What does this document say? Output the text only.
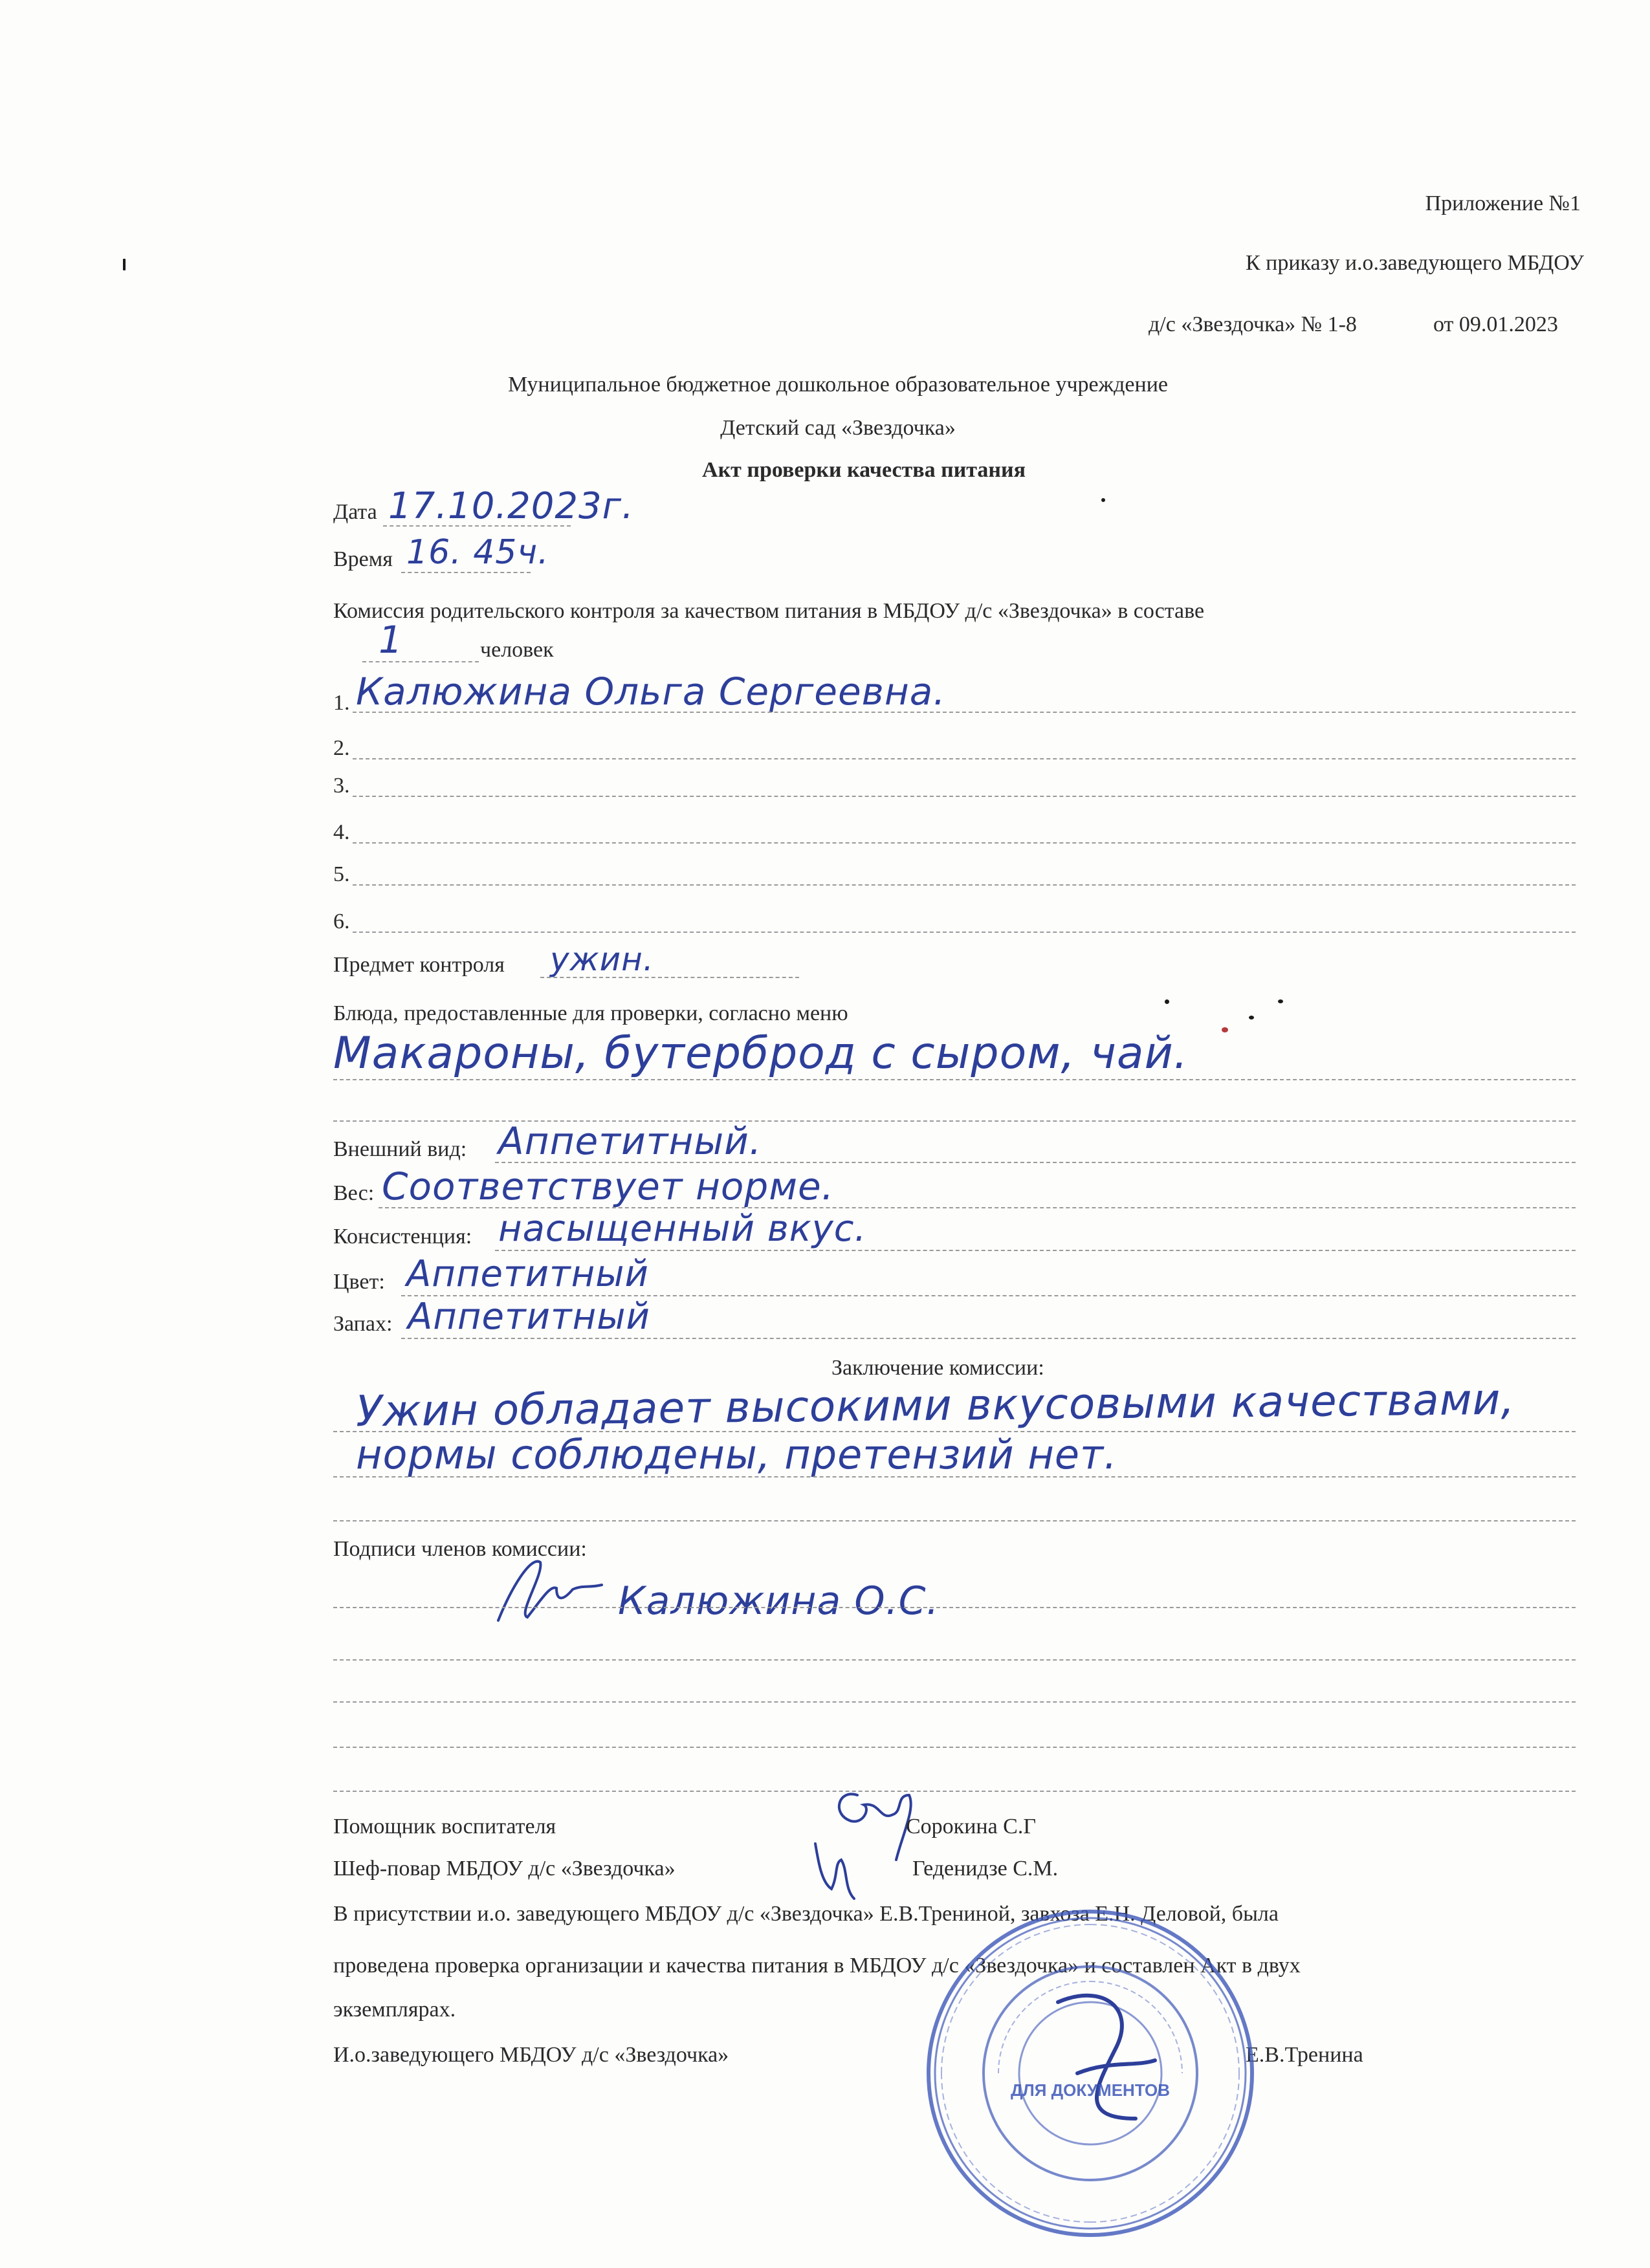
Приложение №1
К приказу и.о.заведующего МБДОУ
д/с «Звездочка» № 1-8	от 09.01.2023
Муниципальное бюджетное дошкольное образовательное учреждение
Детский сад «Звездочка»
Акт проверки качества питания
Дата 17.10.2023г.
Время 16. 45ч.
Комиссия родительского контроля за качеством питания в МБДОУ д/с «Звездочка» в составе
1	человек
1. Калюжина Ольга Сергеевна.
2.
3.
4.
5.
6.
Предмет контроля ужин.
Блюда, предоставленные для проверки, согласно меню
Макароны, бутерброд с сыром, чай.
Внешний вид: Аппетитный.
Вес: Соответствует норме.
Консистенция: насыщенный вкус.
Цвет: Аппетитный
Запах: Аппетитный
Заключение комиссии:
Ужин обладает высокими вкусовыми качествами,
нормы соблюдены, претензий нет.
Подписи членов комиссии:
Калюжина О.С.
Помощник воспитателя	Сорокина С.Г
Шеф-повар МБДОУ д/с «Звездочка»	Геденидзе С.М.
В присутствии и.о. заведующего МБДОУ д/с «Звездочка» Е.В.Трениной, завхоза Е.Н. Деловой, была
проведена проверка организации и качества питания в МБДОУ д/с «Звездочка» и составлен Акт в двух
экземплярах.
И.о.заведующего МБДОУ д/с «Звездочка»	Е.В.Тренина
ДЛЯ ДОКУМЕНТОВ
